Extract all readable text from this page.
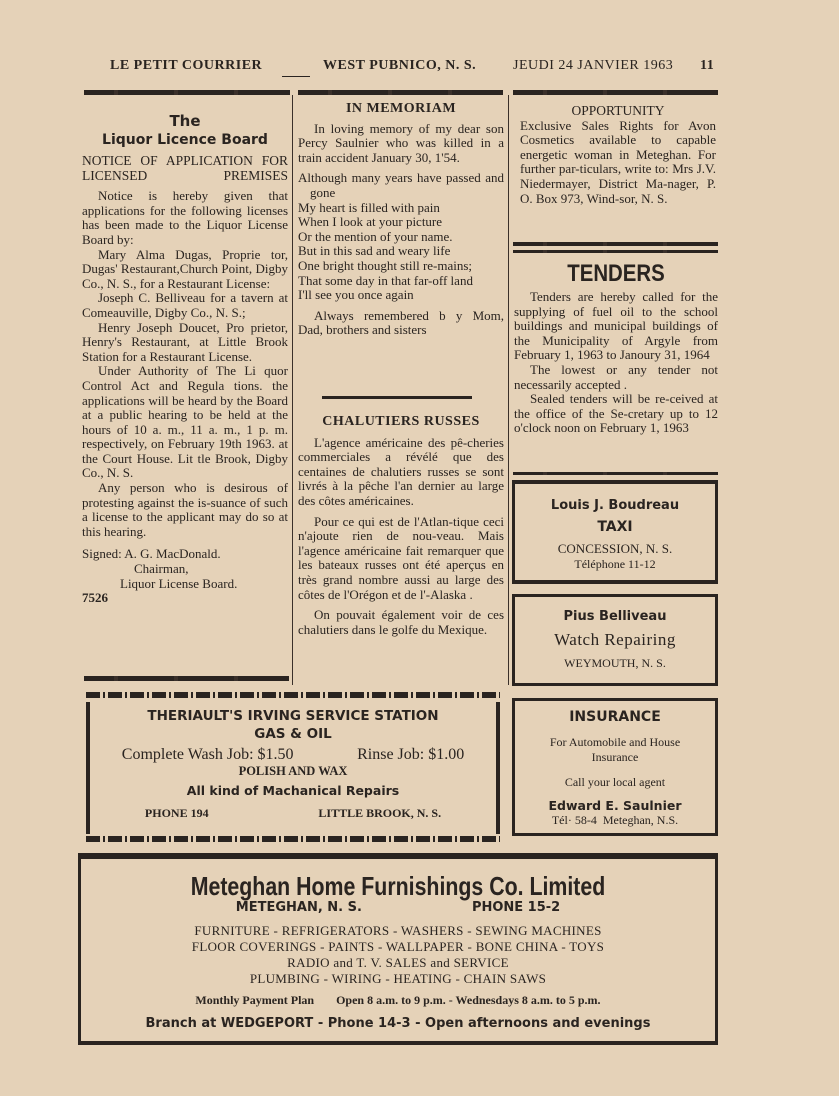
LE PETIT COURRIER	WEST PUBNICO, N. S.	JEUDI 24 JANVIER 1963 11
The
Liquor Licence Board
NOTICE OF APPLICATION FOR LICENSED PREMISES

Notice is hereby given that applications for the following licenses has been made to the Liquor License Board by:

Mary Alma Dugas, Proprie tor, Dugas' Restaurant,Church Point, Digby Co., N. S., for a Restaurant License:

Joseph C. Belliveau for a tavern at Comeauville, Digby Co., N. S.;

Henry Joseph Doucet, Pro prietor, Henry's Restaurant, at Little Brook Station for a Restaurant License.

Under Authority of The Li quor Control Act and Regula tions. the applications will be heard by the Board at a public hearing to be held at the hours of 10 a. m., 11 a. m., 1 p. m. respectively, on February 19th 1963. at the Court House. Lit tle Brook, Digby Co., N. S.

Any person who is desirous of protesting against the is-suance of such a license to the applicant may do so at this hearing.

Signed: A. G. MacDonald.
Chairman,
Liquor License Board.
7526
IN MEMORIAM

In loving memory of my dear son Percy Saulnier who was killed in a train accident January 30, 1'54.

Although many years have passed and gone

My heart is filled with pain

When I look at your picture

Or the mention of your name.

But in this sad and weary life

One bright thought still re-mains;

That some day in that far-off land

I'll see you once again

Always remembered b y Mom, Dad, brothers and sisters

CHALUTIERS RUSSES

L'agence américaine des pê-cheries commerciales a révélé que des centaines de chalutiers russes se sont livrés à la pêche l'an dernier au large des côtes américaines.

Pour ce qui est de l'Atlan-tique ceci n'ajoute rien de nou-veau. Mais l'agence américaine fait remarquer que les bateaux russes ont été aperçus en très grand nombre aussi au large des côtes de l'Orégon et de l'-Alaska .

On pouvait également voir de ces chalutiers dans le golfe du Mexique.

OPPORTUNITY

Exclusive Sales Rights for Avon Cosmetics available to capable energetic woman in Meteghan. For further par-ticulars, write to: Mrs J.V. Niedermayer, District Ma-nager, P. O. Box 973, Wind-sor, N. S.

TENDERS

Tenders are hereby called for the supplying of fuel oil to the school buildings and municipal buildings of the Municipality of Argyle from February 1, 1963 to Janoury 31, 1964

The lowest or any tender not necessarily accepted .

Sealed tenders will be re-ceived at the office of the Se-cretary up to 12 o'clock noon on February 1, 1963

Louis J. Boudreau
TAXI
CONCESSION, N. S.
Téléphone 11-12
Pius Belliveau
Watch Repairing
WEYMOUTH, N. S.
INSURANCE
For Automobile and House
Insurance
Call your local agent
Edward E. Saulnier
Tél· 58-4 Meteghan, N.S.
THERIAULT'S IRVING SERVICE STATION
GAS & OIL
Complete Wash Job: $1.50	Rinse Job: $1.00
POLISH AND WAX
All kind of Machanical Repairs
PHONE 194	LITTLE BROOK, N. S.
Meteghan Home Furnishings Co. Limited
METEGHAN, N. S.	PHONE 15-2
FURNITURE - REFRIGERATORS - WASHERS - SEWING MACHINES
FLOOR COVERINGS - PAINTS - WALLPAPER - BONE CHINA - TOYS
RADIO and T. V. SALES and SERVICE
PLUMBING - WIRING - HEATING - CHAIN SAWS
Monthly Payment Plan Open 8 a.m. to 9 p.m. - Wednesdays 8 a.m. to 5 p.m.
Branch at WEDGEPORT - Phone 14-3 - Open afternoons and evenings
